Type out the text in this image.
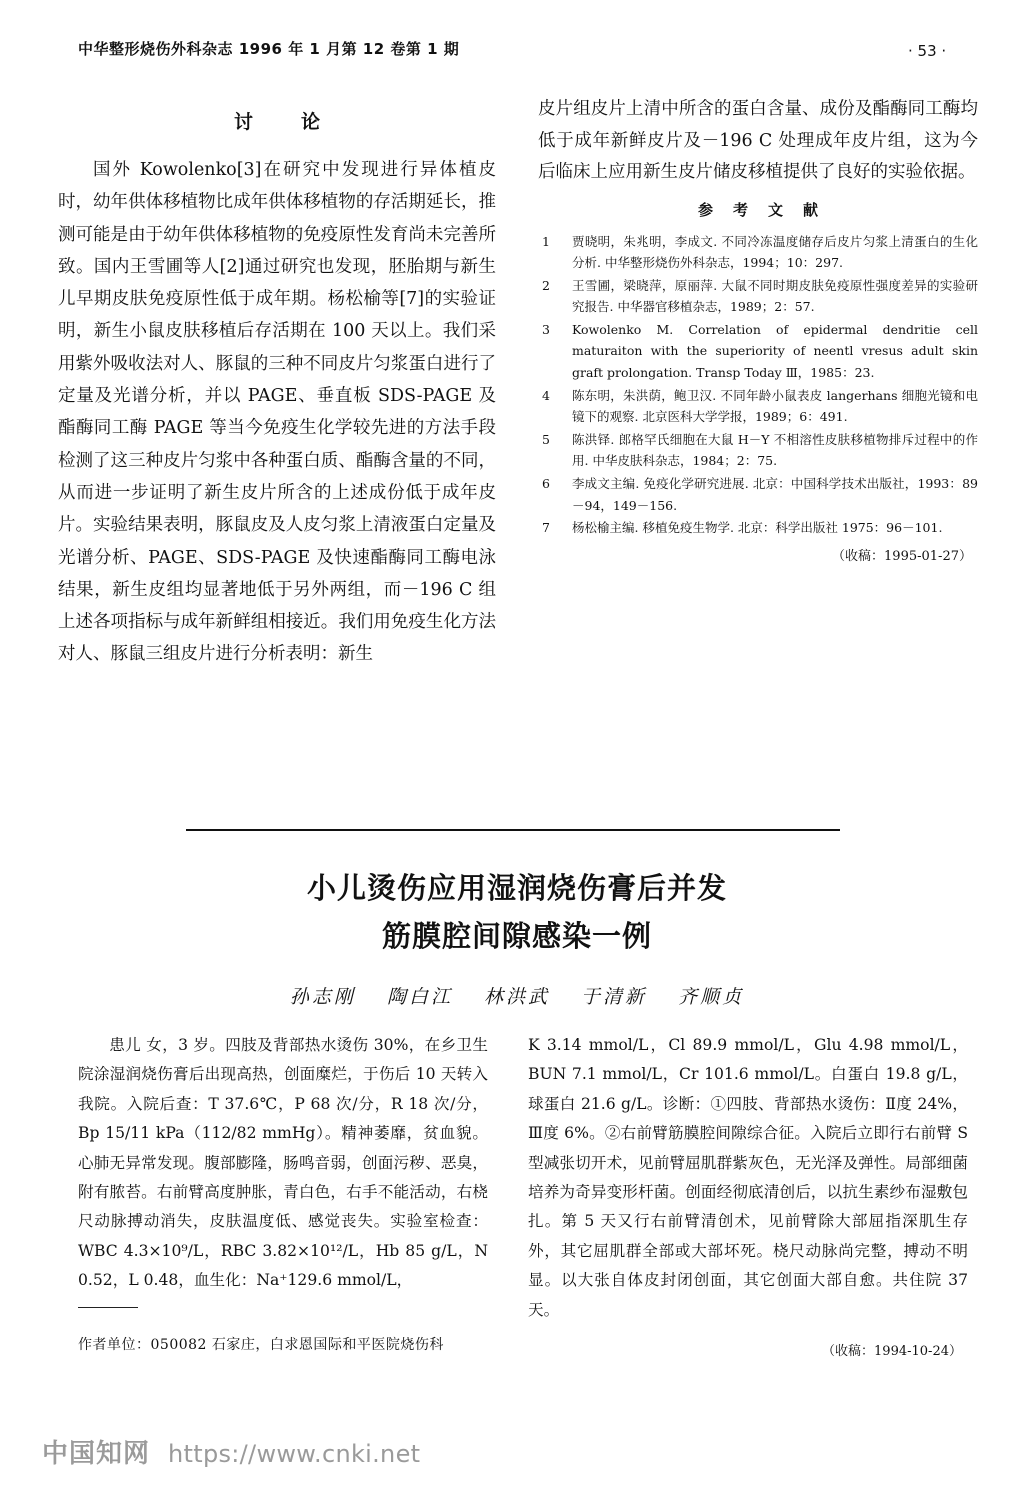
中华整形烧伤外科杂志 1996 年 1 月第 12 卷第 1 期	· 53 ·
讨论

国外 Kowolenko[3]在研究中发现进行异体植皮时，幼年供体移植物比成年供体移植物的存活期延长，推测可能是由于幼年供体移植物的免疫原性发育尚未完善所致。国内王雪圃等人[2]通过研究也发现，胚胎期与新生儿早期皮肤免疫原性低于成年期。杨松榆等[7]的实验证明，新生小鼠皮肤移植后存活期在 100 天以上。我们采用紫外吸收法对人、豚鼠的三种不同皮片匀浆蛋白进行了定量及光谱分析，并以 PAGE、垂直板 SDS-PAGE 及酯酶同工酶 PAGE 等当今免疫生化学较先进的方法手段检测了这三种皮片匀浆中各种蛋白质、酯酶含量的不同，从而进一步证明了新生皮片所含的上述成份低于成年皮片。实验结果表明，豚鼠皮及人皮匀浆上清液蛋白定量及光谱分析、PAGE、SDS-PAGE 及快速酯酶同工酶电泳结果，新生皮组均显著地低于另外两组，而－196 C 组上述各项指标与成年新鲜组相接近。我们用免疫生化方法对人、豚鼠三组皮片进行分析表明：新生

皮片组皮片上清中所含的蛋白含量、成份及酯酶同工酶均低于成年新鲜皮片及－196 C 处理成年皮片组，这为今后临床上应用新生皮片储皮移植提供了良好的实验依据。

参考文献
1	贾晓明，朱兆明，李成文. 不同冷冻温度储存后皮片匀浆上清蛋白的生化分析. 中华整形烧伤外科杂志，1994；10：297.
2	王雪圃，梁晓萍，原丽萍. 大鼠不同时期皮肤免疫原性强度差异的实验研究报告. 中华器官移植杂志，1989；2：57.
3	Kowolenko M. Correlation of epidermal dendritie cell maturaiton with the superiority of neentl vresus adult skin graft prolongation. Transp Today Ⅲ，1985：23.
4	陈东明，朱洪荫，鲍卫汉. 不同年龄小鼠表皮 langerhans 细胞光镜和电镜下的观察. 北京医科大学学报，1989；6：491.
5	陈洪铎. 郎格罕氏细胞在大鼠 H－Y 不相溶性皮肤移植物排斥过程中的作用. 中华皮肤科杂志，1984；2：75.
6	李成文主编. 免疫化学研究进展. 北京：中国科学技术出版社，1993：89－94，149－156.
7	杨松榆主编. 移植免疫生物学. 北京：科学出版社 1975：96－101.
（收稿：1995-01-27）
小儿烫伤应用湿润烧伤膏后并发
筋膜腔间隙感染一例
孙志刚 陶白江 林洪武 于清新 齐顺贞

患儿 女，3 岁。四肢及背部热水烫伤 30%，在乡卫生院涂湿润烧伤膏后出现高热，创面糜烂，于伤后 10 天转入我院。入院后查：T 37.6℃，P 68 次/分，R 18 次/分，Bp 15/11 kPa（112/82 mmHg）。精神萎靡，贫血貌。心肺无异常发现。腹部膨隆，肠鸣音弱，创面污秽、恶臭，附有脓苔。右前臂高度肿胀，青白色，右手不能活动，右桡尺动脉搏动消失，皮肤温度低、感觉丧失。实验室检查：WBC 4.3×10⁹/L，RBC 3.82×10¹²/L，Hb 85 g/L，N 0.52，L 0.48，血生化：Na⁺129.6 mmol/L，

K 3.14 mmol/L，Cl 89.9 mmol/L，Glu 4.98 mmol/L，BUN 7.1 mmol/L，Cr 101.6 mmol/L。白蛋白 19.8 g/L，球蛋白 21.6 g/L。诊断：①四肢、背部热水烫伤：Ⅱ度 24%，Ⅲ度 6%。②右前臂筋膜腔间隙综合征。入院后立即行右前臂 S 型减张切开术，见前臂屈肌群紫灰色，无光泽及弹性。局部细菌培养为奇异变形杆菌。创面经彻底清创后，以抗生素纱布湿敷包扎。第 5 天又行右前臂清创术，见前臂除大部屈指深肌生存外，其它屈肌群全部或大部坏死。桡尺动脉尚完整，搏动不明显。以大张自体皮封闭创面，其它创面大部自愈。共住院 37 天。

作者单位：050082 石家庄，白求恩国际和平医院烧伤科	（收稿：1994-10-24）
中国知网 https://www.cnki.net
